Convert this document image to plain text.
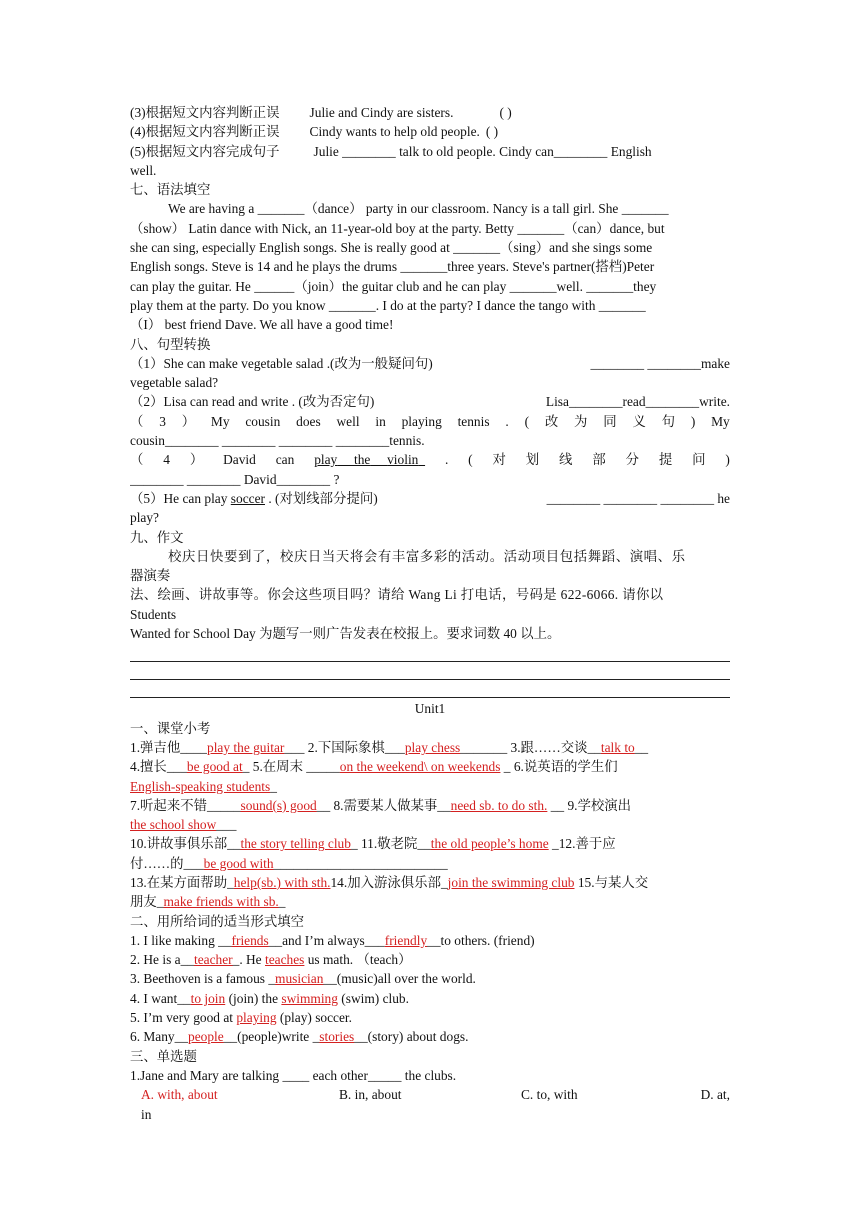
(3)根据短文内容判断正误 Julie and Cindy are sisters.	( )
(4)根据短文内容判断正误 Cindy wants to help old people. ( )
(5)根据短文内容完成句子	Julie ________ talk to old people. Cindy can________ English
well.
七、语法填空
We are having a _______（dance） party in our classroom. Nancy is a tall girl. She _______
（show） Latin dance with Nick, an 11-year-old boy at the party. Betty _______（can）dance, but
she can sing, especially English songs. She is really good at _______（sing）and she sings some
English songs. Steve is 14 and he plays the drums _______three years. Steve's partner(搭档)Peter
can play the guitar. He ______（join）the guitar club and he can play _______well. _______they
play them at the party. Do you know _______. I do at the party? I dance the tango with _______
（I） best friend Dave. We all have a good time!
八、句型转换
（1）She can make vegetable salad .(改为一般疑问句)	________ ________make
vegetable salad?
（2）Lisa can read and write . (改为否定句)	Lisa________read________write.
（ 3 ） My cousin does well in playing tennis . ( 改 为 同 义 句 ) My
cousin________ ________ ________ ________tennis.
（ 4 ） David can play the violin	. ( 对 划 线 部 分 提 问 )
________ ________ David________ ?
（5）He can play soccer . (对划线部分提问)	________ ________ ________ he
play?
九、作文
校庆日快要到了，校庆日当天将会有丰富多彩的活动。活动项目包括舞蹈、演唱、乐
器演奏
法、绘画、讲故事等。你会这些项目吗？请给 Wang Li 打电话，号码是 622-6066. 请你以
Students
Wanted for School Day 为题写一则广告发表在校报上。要求词数 40 以上。
Unit1
一、课堂小考
1.弹吉他____play the guitar___ 2.下国际象棋___play chess_______ 3.跟……交谈__talk to__
4.擅长___be good at_ 5.在周末 _____on the weekend\ on weekends _ 6.说英语的学生们
English-speaking students_
7.听起来不错_____sound(s) good__ 8.需要某人做某事__need sb. to do sth. __ 9.学校演出
the school show___
10.讲故事俱乐部__the story telling club_ 11.敬老院__the old people’s home _12.善于应
付……的___be good with__________________________
13.在某方面帮助_help(sb.) with sth.14.加入游泳俱乐部_join the swimming club 15.与某人交
朋友_make friends with sb._
二、用所给词的适当形式填空
1. I like making __friends__and I’m always___friendly__to others. (friend)
2. He is a__teacher_. He teaches us math. （teach）
3. Beethoven is a famous _musician__(music)all over the world.
4. I want__to join (join) the swimming (swim) club.
5. I’m very good at playing (play) soccer.
6. Many__people__(people)write _stories__(story) about dogs.
三、单选题
1.Jane and Mary are talking ____ each other_____ the clubs.
A. with, about	B. in, about	C. to, with	D. at,
in
